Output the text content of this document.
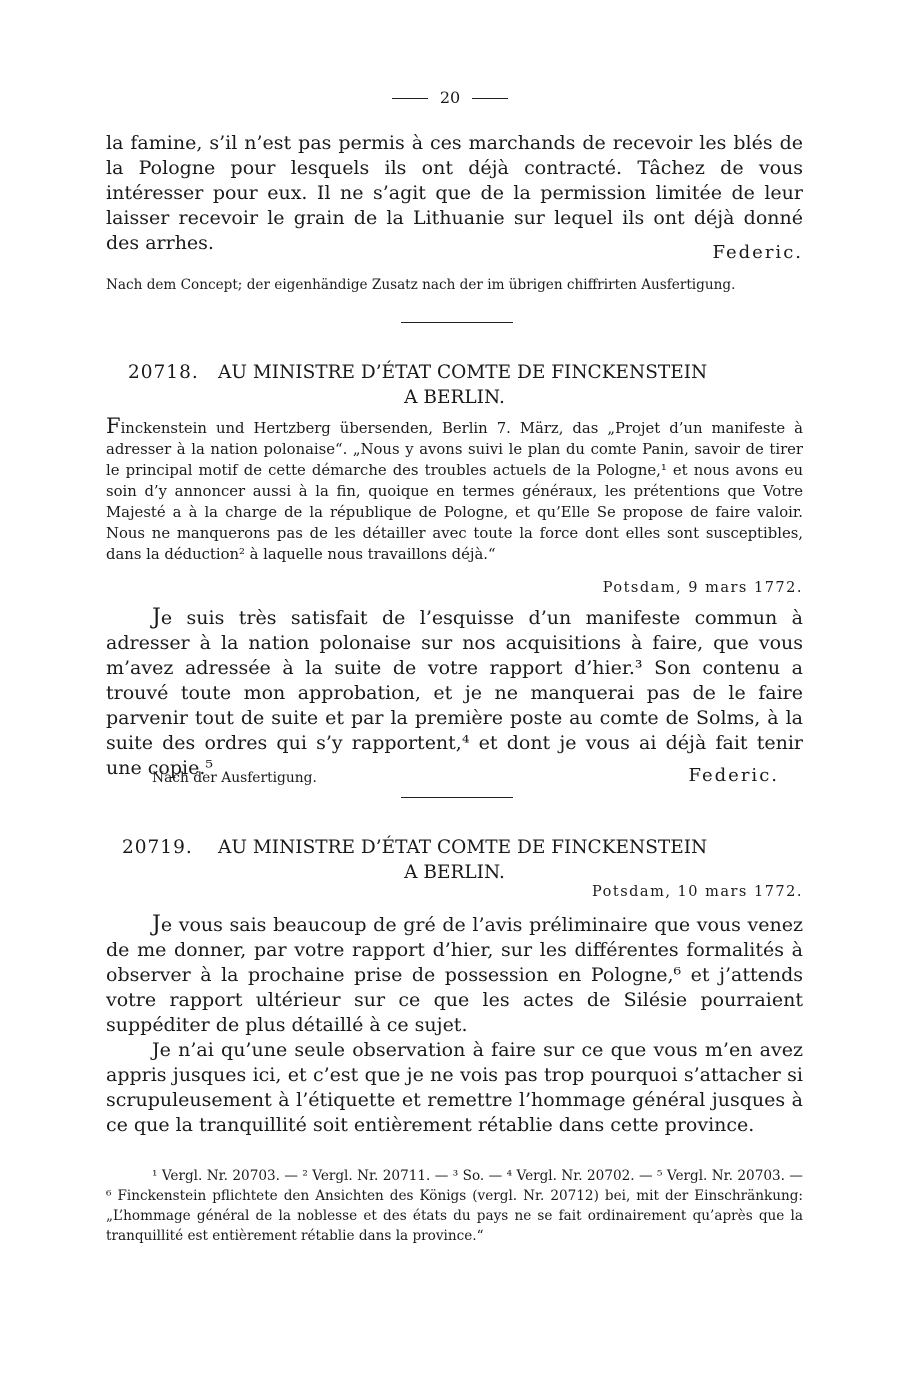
20

la famine, s’il n’est pas permis à ces marchands de recevoir les blés de la Pologne pour lesquels ils ont déjà contracté. Tâchez de vous intéresser pour eux. Il ne s’agit que de la permission limitée de leur laisser recevoir le grain de la Lithuanie sur lequel ils ont déjà donné des arrhes.	Federic.
Nach dem Concept; der eigenhändige Zusatz nach der im übrigen chiffrirten Ausfertigung.
20718. AU MINISTRE D’ÉTAT COMTE DE FINCKENSTEIN
A BERLIN.

Finckenstein und Hertzberg übersenden, Berlin 7. März, das „Projet d’un manifeste à adresser à la nation polonaise“. „Nous y avons suivi le plan du comte Panin, savoir de tirer le principal motif de cette démarche des troubles actuels de la Pologne,¹ et nous avons eu soin d’y annoncer aussi à la fin, quoique en termes généraux, les prétentions que Votre Majesté a à la charge de la république de Pologne, et qu’Elle Se propose de faire valoir. Nous ne manquerons pas de les détailler avec toute la force dont elles sont susceptibles, dans la déduction² à laquelle nous travaillons déjà.“

Potsdam, 9 mars 1772.

Je suis très satisfait de l’esquisse d’un manifeste commun à adresser à la nation polonaise sur nos acquisitions à faire, que vous m’avez adressée à la suite de votre rapport d’hier.³ Son contenu a trouvé toute mon approbation, et je ne manquerai pas de le faire parvenir tout de suite et par la première poste au comte de Solms, à la suite des ordres qui s’y rapportent,⁴ et dont je vous ai déjà fait tenir une copie.⁵

Nach der Ausfertigung.	Federic.
20719. AU MINISTRE D’ÉTAT COMTE DE FINCKENSTEIN
A BERLIN.
Potsdam, 10 mars 1772.

Je vous sais beaucoup de gré de l’avis préliminaire que vous venez de me donner, par votre rapport d’hier, sur les différentes formalités à observer à la prochaine prise de possession en Pologne,⁶ et j’attends votre rapport ultérieur sur ce que les actes de Silésie pourraient suppéditer de plus détaillé à ce sujet.

Je n’ai qu’une seule observation à faire sur ce que vous m’en avez appris jusques ici, et c’est que je ne vois pas trop pourquoi s’attacher si scrupuleusement à l’étiquette et remettre l’hommage général jusques à ce que la tranquillité soit entièrement rétablie dans cette province.

¹ Vergl. Nr. 20703. — ² Vergl. Nr. 20711. — ³ So. — ⁴ Vergl. Nr. 20702. — ⁵ Vergl. Nr. 20703. — ⁶ Finckenstein pflichtete den Ansichten des Königs (vergl. Nr. 20712) bei, mit der Einschränkung: „L’hommage général de la noblesse et des états du pays ne se fait ordinairement qu’après que la tranquillité est entièrement rétablie dans la province.“
